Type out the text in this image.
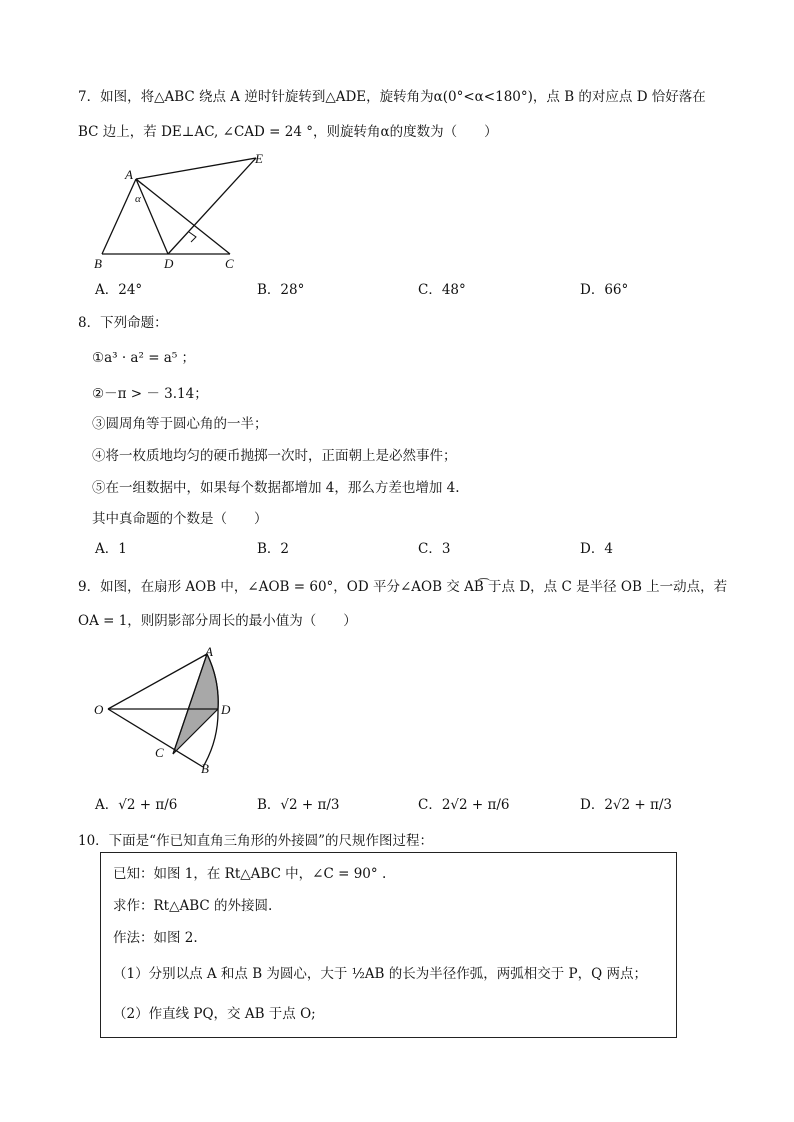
7．如图，将△ABC 绕点 A 逆时针旋转到△ADE，旋转角为α(0°<α<180°)，点 B 的对应点 D 恰好落在
BC 边上，若 DE⊥AC, ∠CAD = 24 °，则旋转角α的度数为（　　）
A
B	D	C
E
α
A．24°	B．28°	C．48°	D．66°
8．下列命题：
①a³ · a² = a⁵ ；
②－π > － 3.14；
③圆周角等于圆心角的一半；
④将一枚质地均匀的硬币抛掷一次时，正面朝上是必然事件；
⑤在一组数据中，如果每个数据都增加 4，那么方差也增加 4.
其中真命题的个数是（　　）
A．1	B．2	C．3	D．4
9．如图，在扇形 AOB 中，∠AOB = 60°，OD 平分∠AOB 交 AB͡ 于点 D，点 C 是半径 OB 上一动点，若
OA = 1，则阴影部分周长的最小值为（　　）
A
O	D
C
B
A．√2 + π/6	B．√2 + π/3	C．2√2 + π/6	D．2√2 + π/3
10．下面是“作已知直角三角形的外接圆”的尺规作图过程：
已知：如图 1，在 Rt△ABC 中，∠C = 90° .
求作：Rt△ABC 的外接圆.
作法：如图 2.
（1）分别以点 A 和点 B 为圆心，大于 ½AB 的长为半径作弧，两弧相交于 P，Q 两点；
（2）作直线 PQ，交 AB 于点 O;
